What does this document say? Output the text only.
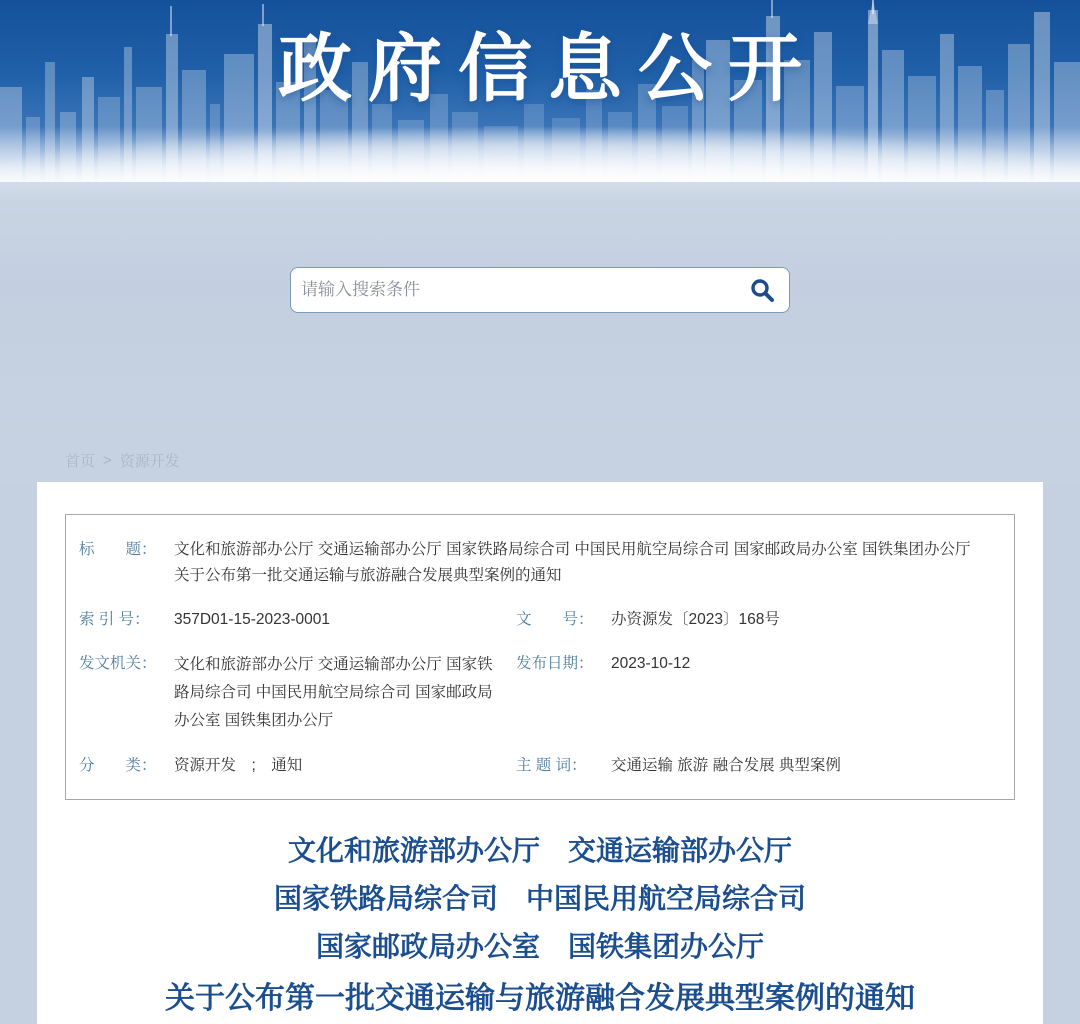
政府信息公开
请输入搜索条件
首页 > 资源开发
标　　题：	文化和旅游部办公厅 交通运输部办公厅 国家铁路局综合司 中国民用航空局综合司 国家邮政局办公室 国铁集团办公厅
关于公布第一批交通运输与旅游融合发展典型案例的通知
索 引 号：	357D01-15-2023-0001	文　　号：	办资源发〔2023〕168号
发文机关：	文化和旅游部办公厅 交通运输部办公厅 国家铁路局综合司 中国民用航空局综合司 国家邮政局办公室 国铁集团办公厅
发布日期：	2023-10-12
分　　类：	资源开发　;　通知	主 题 词：	交通运输 旅游 融合发展 典型案例
文化和旅游部办公厅　交通运输部办公厅
国家铁路局综合司　中国民用航空局综合司
国家邮政局办公室　国铁集团办公厅
关于公布第一批交通运输与旅游融合发展典型案例的通知
